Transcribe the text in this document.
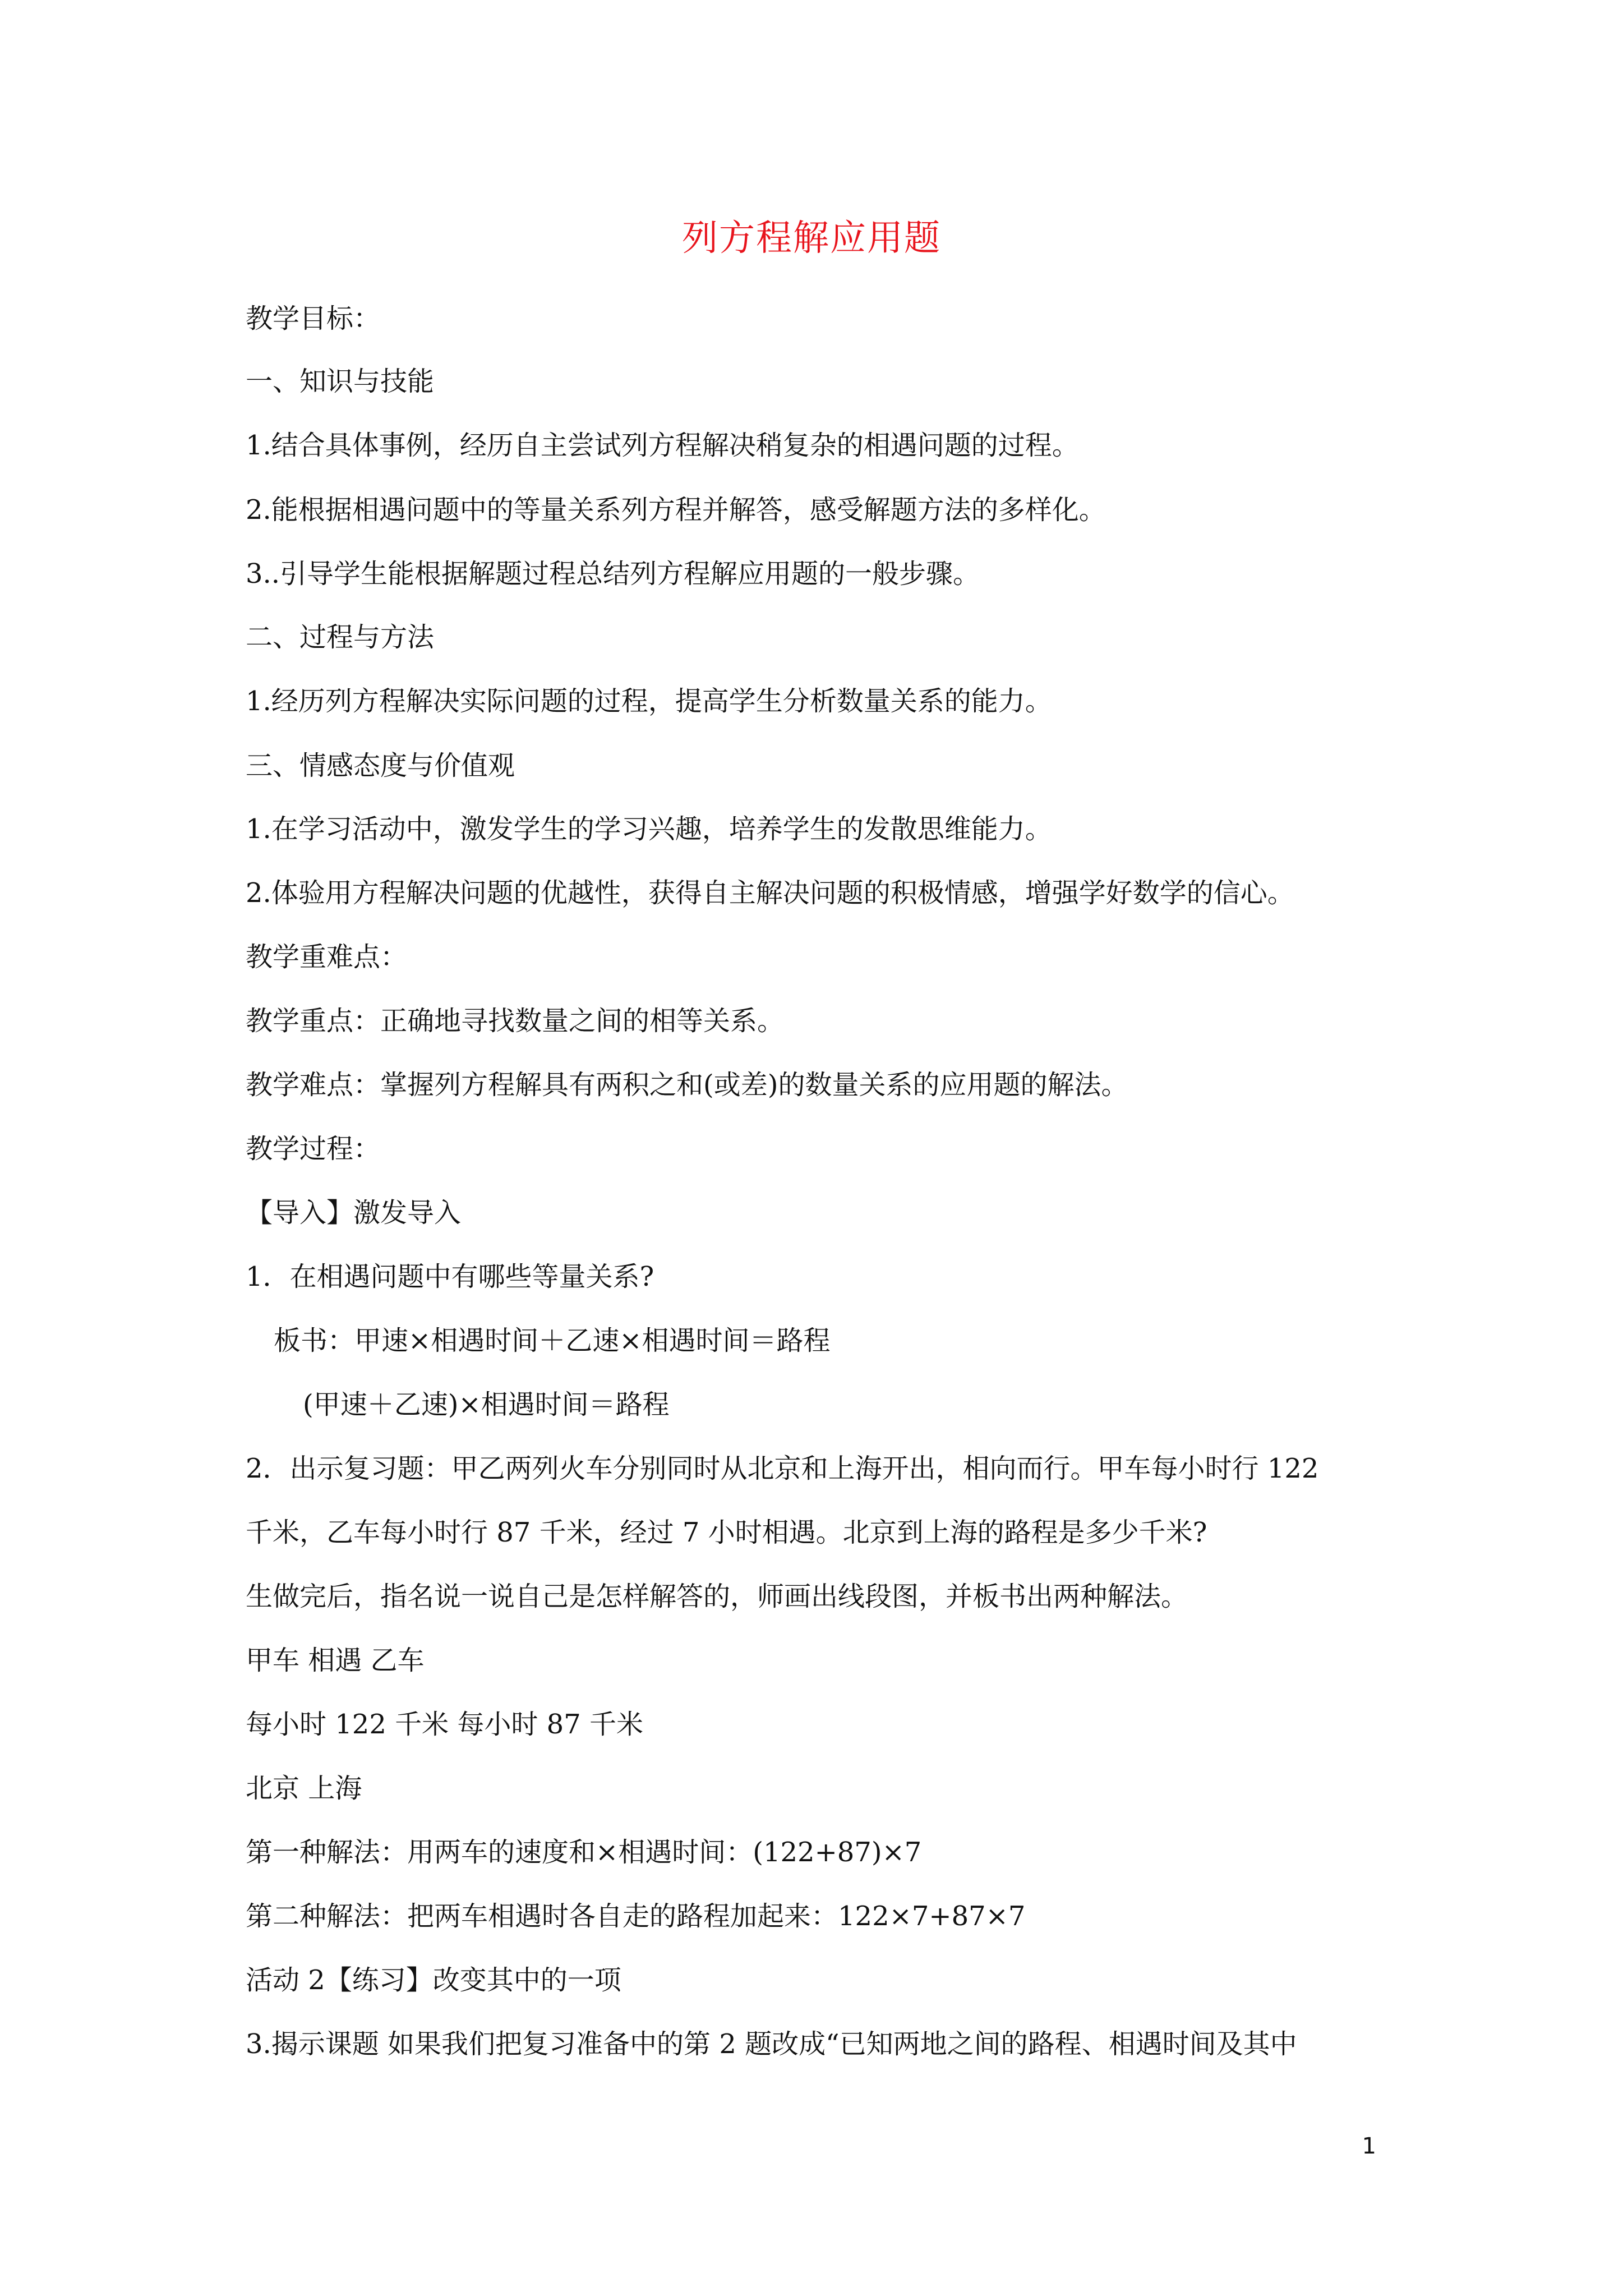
列方程解应用题
教学目标：
一、知识与技能
1.结合具体事例，经历自主尝试列方程解决稍复杂的相遇问题的过程。
2.能根据相遇问题中的等量关系列方程并解答，感受解题方法的多样化。
3..引导学生能根据解题过程总结列方程解应用题的一般步骤。
二、过程与方法
1.经历列方程解决实际问题的过程，提高学生分析数量关系的能力。
三、情感态度与价值观
1.在学习活动中，激发学生的学习兴趣，培养学生的发散思维能力。
2.体验用方程解决问题的优越性，获得自主解决问题的积极情感，增强学好数学的信心。
教学重难点：
教学重点：正确地寻找数量之间的相等关系。
教学难点：掌握列方程解具有两积之和(或差)的数量关系的应用题的解法。
教学过程：
【导入】激发导入
1．在相遇问题中有哪些等量关系?
板书：甲速×相遇时间＋乙速×相遇时间＝路程
(甲速＋乙速)×相遇时间＝路程
2．出示复习题：甲乙两列火车分别同时从北京和上海开出，相向而行。甲车每小时行 122
千米，乙车每小时行 87 千米，经过 7 小时相遇。北京到上海的路程是多少千米?
生做完后，指名说一说自己是怎样解答的，师画出线段图，并板书出两种解法。
甲车 相遇 乙车
每小时 122 千米 每小时 87 千米
北京 上海
第一种解法：用两车的速度和×相遇时间：(122+87)×7
第二种解法：把两车相遇时各自走的路程加起来：122×7+87×7
活动 2【练习】改变其中的一项
3.揭示课题 如果我们把复习准备中的第 2 题改成“已知两地之间的路程、相遇时间及其中
1
